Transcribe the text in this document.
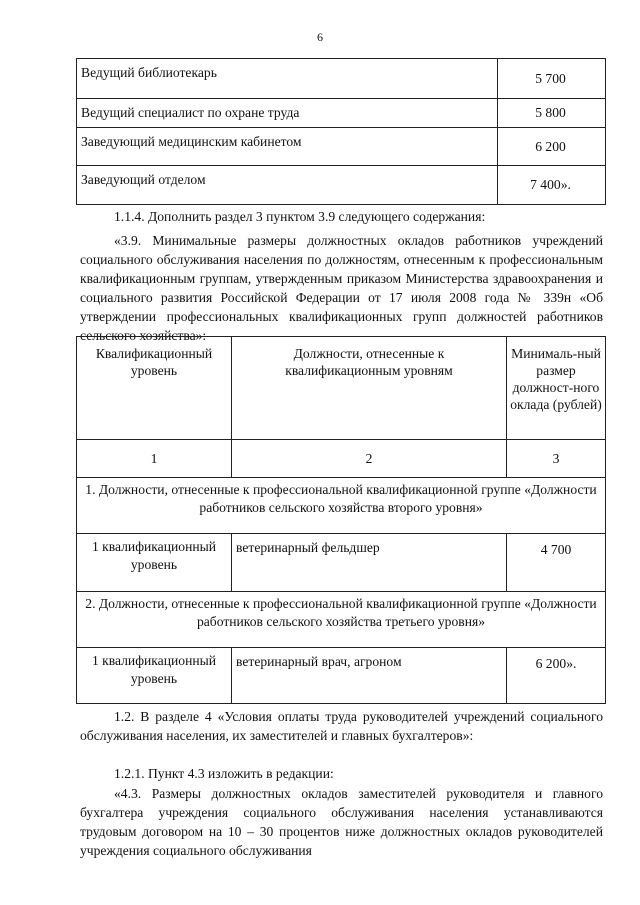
6
Ведущий библиотекарь	5 700
Ведущий специалист по охране труда	5 800
Заведующий медицинским кабинетом	6 200
Заведующий отделом	7 400».

1.1.4. Дополнить раздел 3 пунктом 3.9 следующего содержания:

«3.9. Минимальные размеры должностных окладов работников учреждений социального обслуживания населения по должностям, отнесенным к профессиональным квалификационным группам, утвержденным приказом Министерства здравоохранения и социального развития Российской Федерации от 17 июля 2008 года № 339н «Об утверждении профессиональных квалификационных групп должностей работников сельского хозяйства»:

Квалификационный уровень	Должности, отнесенные к квалификационным уровням	Минималь-ный размер должност-ного оклада (рублей)
1	2	3
1. Должности, отнесенные к профессиональной квалификационной группе «Должности работников сельского хозяйства второго уровня»		
1 квалификационный уровень	ветеринарный фельдшер	4 700
2. Должности, отнесенные к профессиональной квалификационной группе «Должности работников сельского хозяйства третьего уровня»		
1 квалификационный уровень	ветеринарный врач, агроном	6 200».

1.2. В разделе 4 «Условия оплаты труда руководителей учреждений социального обслуживания населения, их заместителей и главных бухгалтеров»:

1.2.1. Пункт 4.3 изложить в редакции:

«4.3. Размеры должностных окладов заместителей руководителя и главного бухгалтера учреждения социального обслуживания населения устанавливаются трудовым договором на 10 – 30 процентов ниже должностных окладов руководителей учреждения социального обслуживания
